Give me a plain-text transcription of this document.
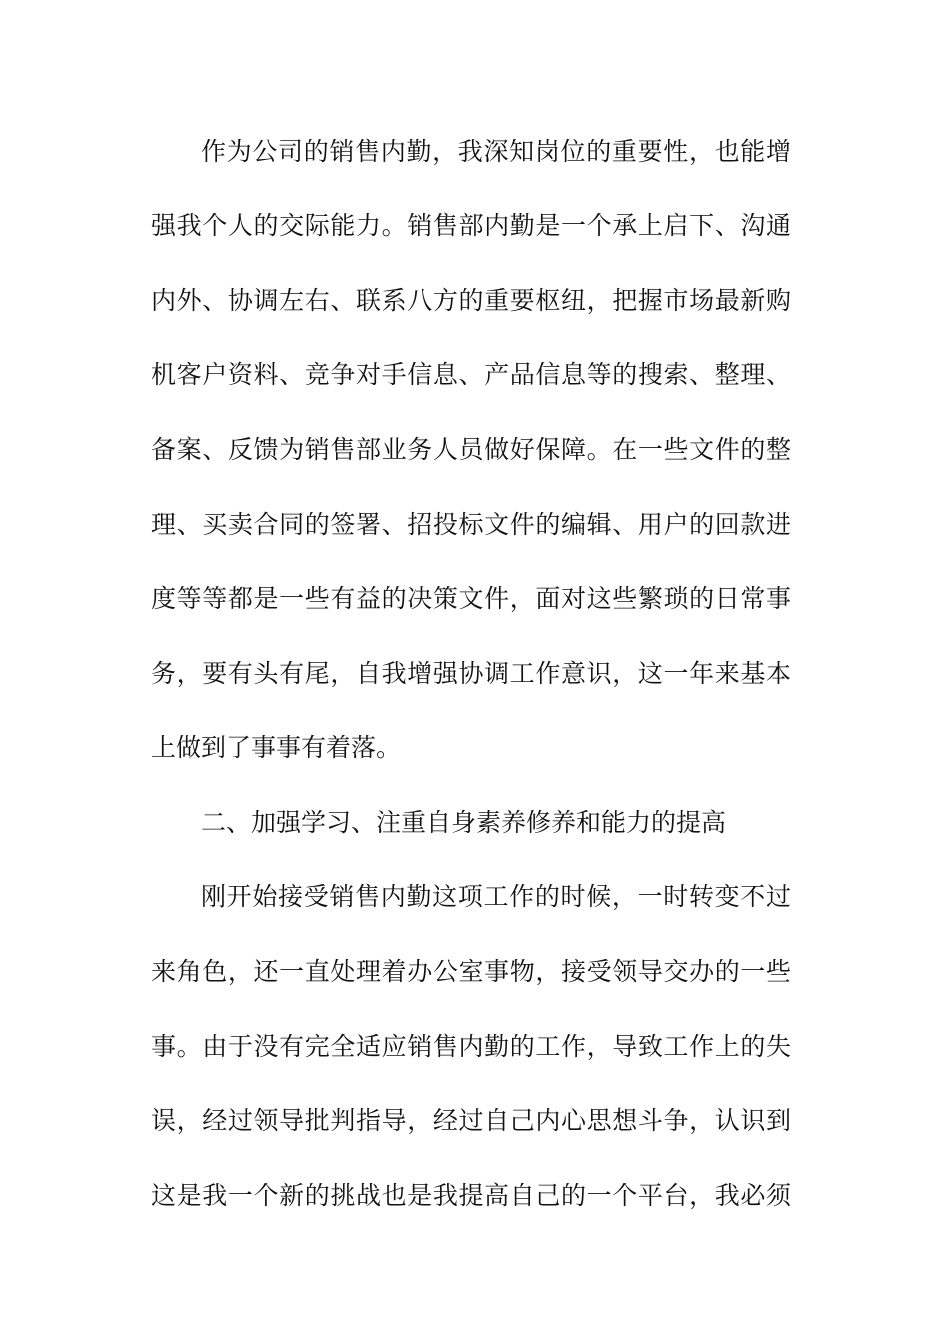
作为公司的销售内勤，我深知岗位的重要性，也能增
强我个人的交际能力。销售部内勤是一个承上启下、沟通
内外、协调左右、联系八方的重要枢纽，把握市场最新购
机客户资料、竞争对手信息、产品信息等的搜索、整理、
备案、反馈为销售部业务人员做好保障。在一些文件的整
理、买卖合同的签署、招投标文件的编辑、用户的回款进
度等等都是一些有益的决策文件，面对这些繁琐的日常事
务，要有头有尾，自我增强协调工作意识，这一年来基本
上做到了事事有着落。
二、加强学习、注重自身素养修养和能力的提高
刚开始接受销售内勤这项工作的时候，一时转变不过
来角色，还一直处理着办公室事物，接受领导交办的一些
事。由于没有完全适应销售内勤的工作，导致工作上的失
误，经过领导批判指导，经过自己内心思想斗争，认识到
这是我一个新的挑战也是我提高自己的一个平台，我必须
